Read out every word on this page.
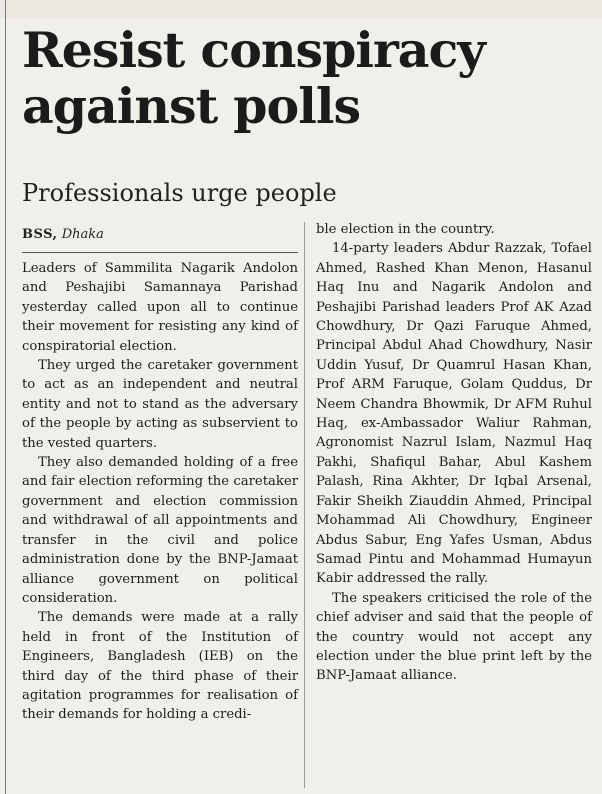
Resist conspiracy against polls
Professionals urge people
BSS, Dhaka

Leaders of Sammilita Nagarik Andolon and Peshajibi Samannaya Parishad yesterday called upon all to continue their movement for resisting any kind of conspiratorial election.

They urged the caretaker government to act as an independent and neutral entity and not to stand as the adversary of the people by acting as subservient to the vested quarters.

They also demanded holding of a free and fair election reforming the caretaker government and election commission and withdrawal of all appointments and transfer in the civil and police administration done by the BNP-Jamaat alliance government on political consideration.

The demands were made at a rally held in front of the Institution of Engineers, Bangladesh (IEB) on the third day of the third phase of their agitation programmes for realisation of their demands for holding a credi-

ble election in the country.

14-party leaders Abdur Razzak, Tofael Ahmed, Rashed Khan Menon, Hasanul Haq Inu and Nagarik Andolon and Peshajibi Parishad leaders Prof AK Azad Chowdhury, Dr Qazi Faruque Ahmed, Principal Abdul Ahad Chowdhury, Nasir Uddin Yusuf, Dr Quamrul Hasan Khan, Prof ARM Faruque, Golam Quddus, Dr Neem Chandra Bhowmik, Dr AFM Ruhul Haq, ex-Ambassador Waliur Rahman, Agronomist Nazrul Islam, Nazmul Haq Pakhi, Shafiqul Bahar, Abul Kashem Palash, Rina Akhter, Dr Iqbal Arsenal, Fakir Sheikh Ziauddin Ahmed, Principal Mohammad Ali Chowdhury, Engineer Abdus Sabur, Eng Yafes Usman, Abdus Samad Pintu and Mohammad Humayun Kabir addressed the rally.

The speakers criticised the role of the chief adviser and said that the people of the country would not accept any election under the blue print left by the BNP-Jamaat alliance.
